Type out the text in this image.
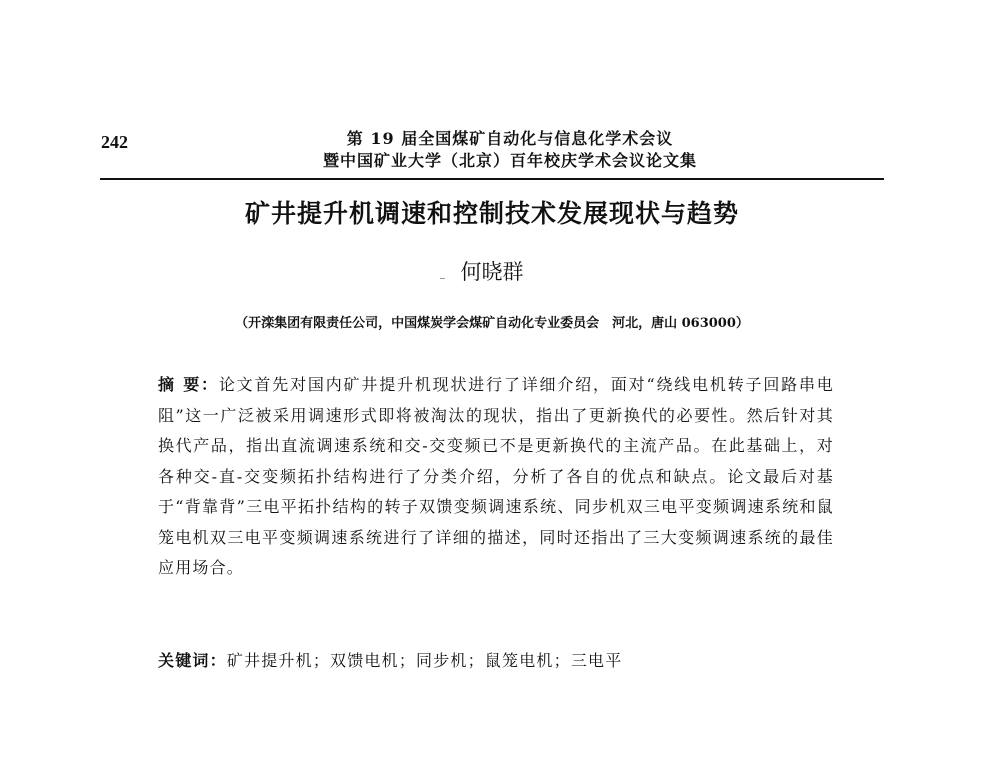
242	第 19 届全国煤矿自动化与信息化学术会议
暨中国矿业大学（北京）百年校庆学术会议论文集
矿井提升机调速和控制技术发展现状与趋势
何晓群
（开滦集团有限责任公司，中国煤炭学会煤矿自动化专业委员会　河北，唐山 063000）

摘 要：论文首先对国内矿井提升机现状进行了详细介绍，面对“绕线电机转子回路串电阻”这一广泛被采用调速形式即将被淘汰的现状，指出了更新换代的必要性。然后针对其换代产品，指出直流调速系统和交-交变频已不是更新换代的主流产品。在此基础上，对各种交-直-交变频拓扑结构进行了分类介绍，分析了各自的优点和缺点。论文最后对基于“背靠背”三电平拓扑结构的转子双馈变频调速系统、同步机双三电平变频调速系统和鼠笼电机双三电平变频调速系统进行了详细的描述，同时还指出了三大变频调速系统的最佳应用场合。

关键词：矿井提升机；双馈电机；同步机；鼠笼电机；三电平
